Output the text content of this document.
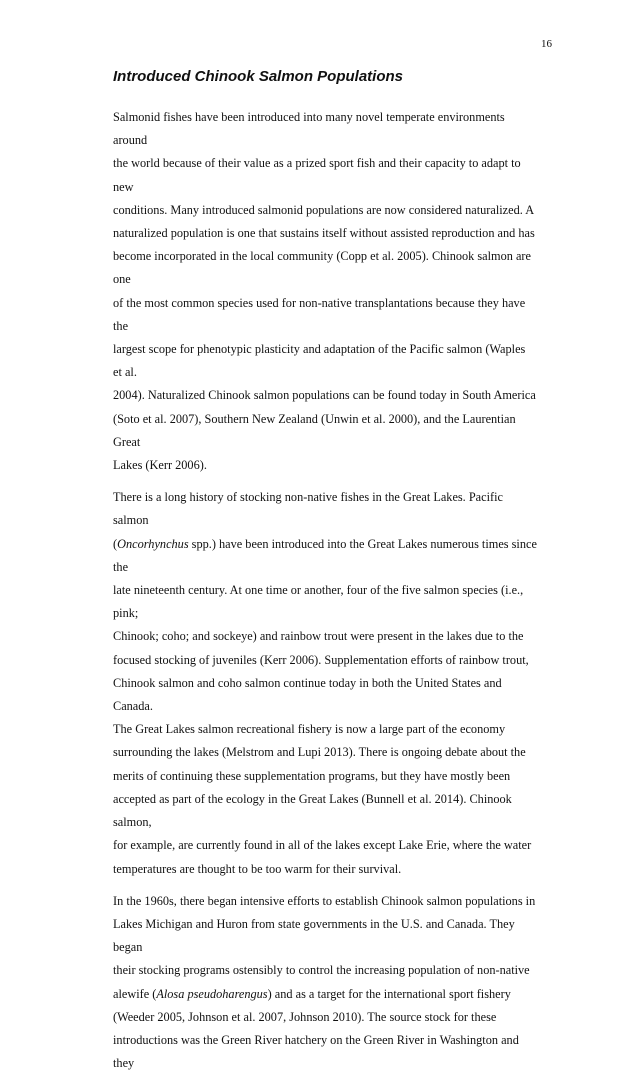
16
Introduced Chinook Salmon Populations

Salmonid fishes have been introduced into many novel temperate environments around
the world because of their value as a prized sport fish and their capacity to adapt to new
conditions. Many introduced salmonid populations are now considered naturalized. A
naturalized population is one that sustains itself without assisted reproduction and has
become incorporated in the local community (Copp et al. 2005). Chinook salmon are one
of the most common species used for non-native transplantations because they have the
largest scope for phenotypic plasticity and adaptation of the Pacific salmon (Waples et al.
2004). Naturalized Chinook salmon populations can be found today in South America
(Soto et al. 2007), Southern New Zealand (Unwin et al. 2000), and the Laurentian Great
Lakes (Kerr 2006).

There is a long history of stocking non-native fishes in the Great Lakes. Pacific salmon
(Oncorhynchus spp.) have been introduced into the Great Lakes numerous times since the
late nineteenth century. At one time or another, four of the five salmon species (i.e., pink;
Chinook; coho; and sockeye) and rainbow trout were present in the lakes due to the
focused stocking of juveniles (Kerr 2006). Supplementation efforts of rainbow trout,
Chinook salmon and coho salmon continue today in both the United States and Canada.
The Great Lakes salmon recreational fishery is now a large part of the economy
surrounding the lakes (Melstrom and Lupi 2013). There is ongoing debate about the
merits of continuing these supplementation programs, but they have mostly been
accepted as part of the ecology in the Great Lakes (Bunnell et al. 2014). Chinook salmon,
for example, are currently found in all of the lakes except Lake Erie, where the water
temperatures are thought to be too warm for their survival.

In the 1960s, there began intensive efforts to establish Chinook salmon populations in
Lakes Michigan and Huron from state governments in the U.S. and Canada. They began
their stocking programs ostensibly to control the increasing population of non-native
alewife (Alosa pseudoharengus) and as a target for the international sport fishery
(Weeder 2005, Johnson et al. 2007, Johnson 2010). The source stock for these
introductions was the Green River hatchery on the Green River in Washington and they
